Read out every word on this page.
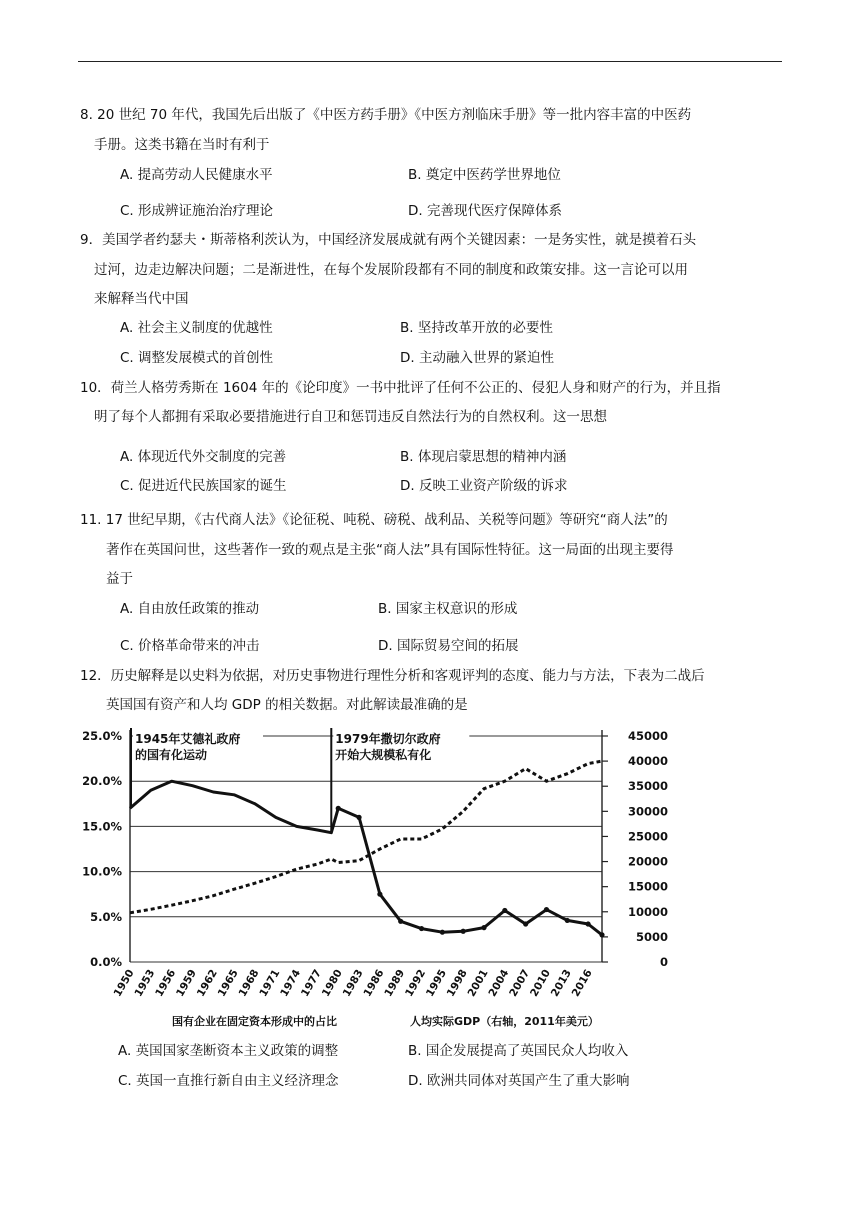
8. 20 世纪 70 年代，我国先后出版了《中医方药手册》《中医方剂临床手册》等一批内容丰富的中医药
手册。这类书籍在当时有利于
A. 提高劳动人民健康水平	B. 奠定中医药学世界地位
C. 形成辨证施治治疗理论	D. 完善现代医疗保障体系
9．美国学者约瑟夫・斯蒂格利茨认为，中国经济发展成就有两个关键因素：一是务实性，就是摸着石头
过河，边走边解决问题；二是渐进性，在每个发展阶段都有不同的制度和政策安排。这一言论可以用
来解释当代中国
A. 社会主义制度的优越性	B. 坚持改革开放的必要性
C. 调整发展模式的首创性	D. 主动融入世界的紧迫性
10．荷兰人格劳秀斯在 1604 年的《论印度》一书中批评了任何不公正的、侵犯人身和财产的行为，并且指
明了每个人都拥有采取必要措施进行自卫和惩罚违反自然法行为的自然权利。这一思想
A. 体现近代外交制度的完善	B. 体现启蒙思想的精神内涵
C. 促进近代民族国家的诞生	D. 反映工业资产阶级的诉求
11. 17 世纪早期，《古代商人法》《论征税、吨税、磅税、战利品、关税等问题》等研究“商人法”的
著作在英国问世，这些著作一致的观点是主张“商人法”具有国际性特征。这一局面的出现主要得
益于
A. 自由放任政策的推动	B. 国家主权意识的形成
C. 价格革命带来的冲击	D. 国际贸易空间的拓展
12．历史解释是以史料为依据，对历史事物进行理性分析和客观评判的态度、能力与方法，下表为二战后
英国国有资产和人均 GDP 的相关数据。对此解读最准确的是
25.0%
20.0%
15.0%
10.0%
5.0%
0.0%
45000
40000
35000
30000
25000
20000
15000
10000
5000
0
1950
1953
1956
1959
1962
1965
1968
1971
1974
1977
1980
1983
1986
1989
1992
1995
1998
2001
2004
2007
2010
2013
2016
1945年艾德礼政府
的国有化运动
1979年撒切尔政府
开始大规模私有化
国有企业在固定资本形成中的占比	人均实际GDP（右轴，2011年美元）
A. 英国国家垄断资本主义政策的调整	B. 国企发展提高了英国民众人均收入
C. 英国一直推行新自由主义经济理念	D. 欧洲共同体对英国产生了重大影响
